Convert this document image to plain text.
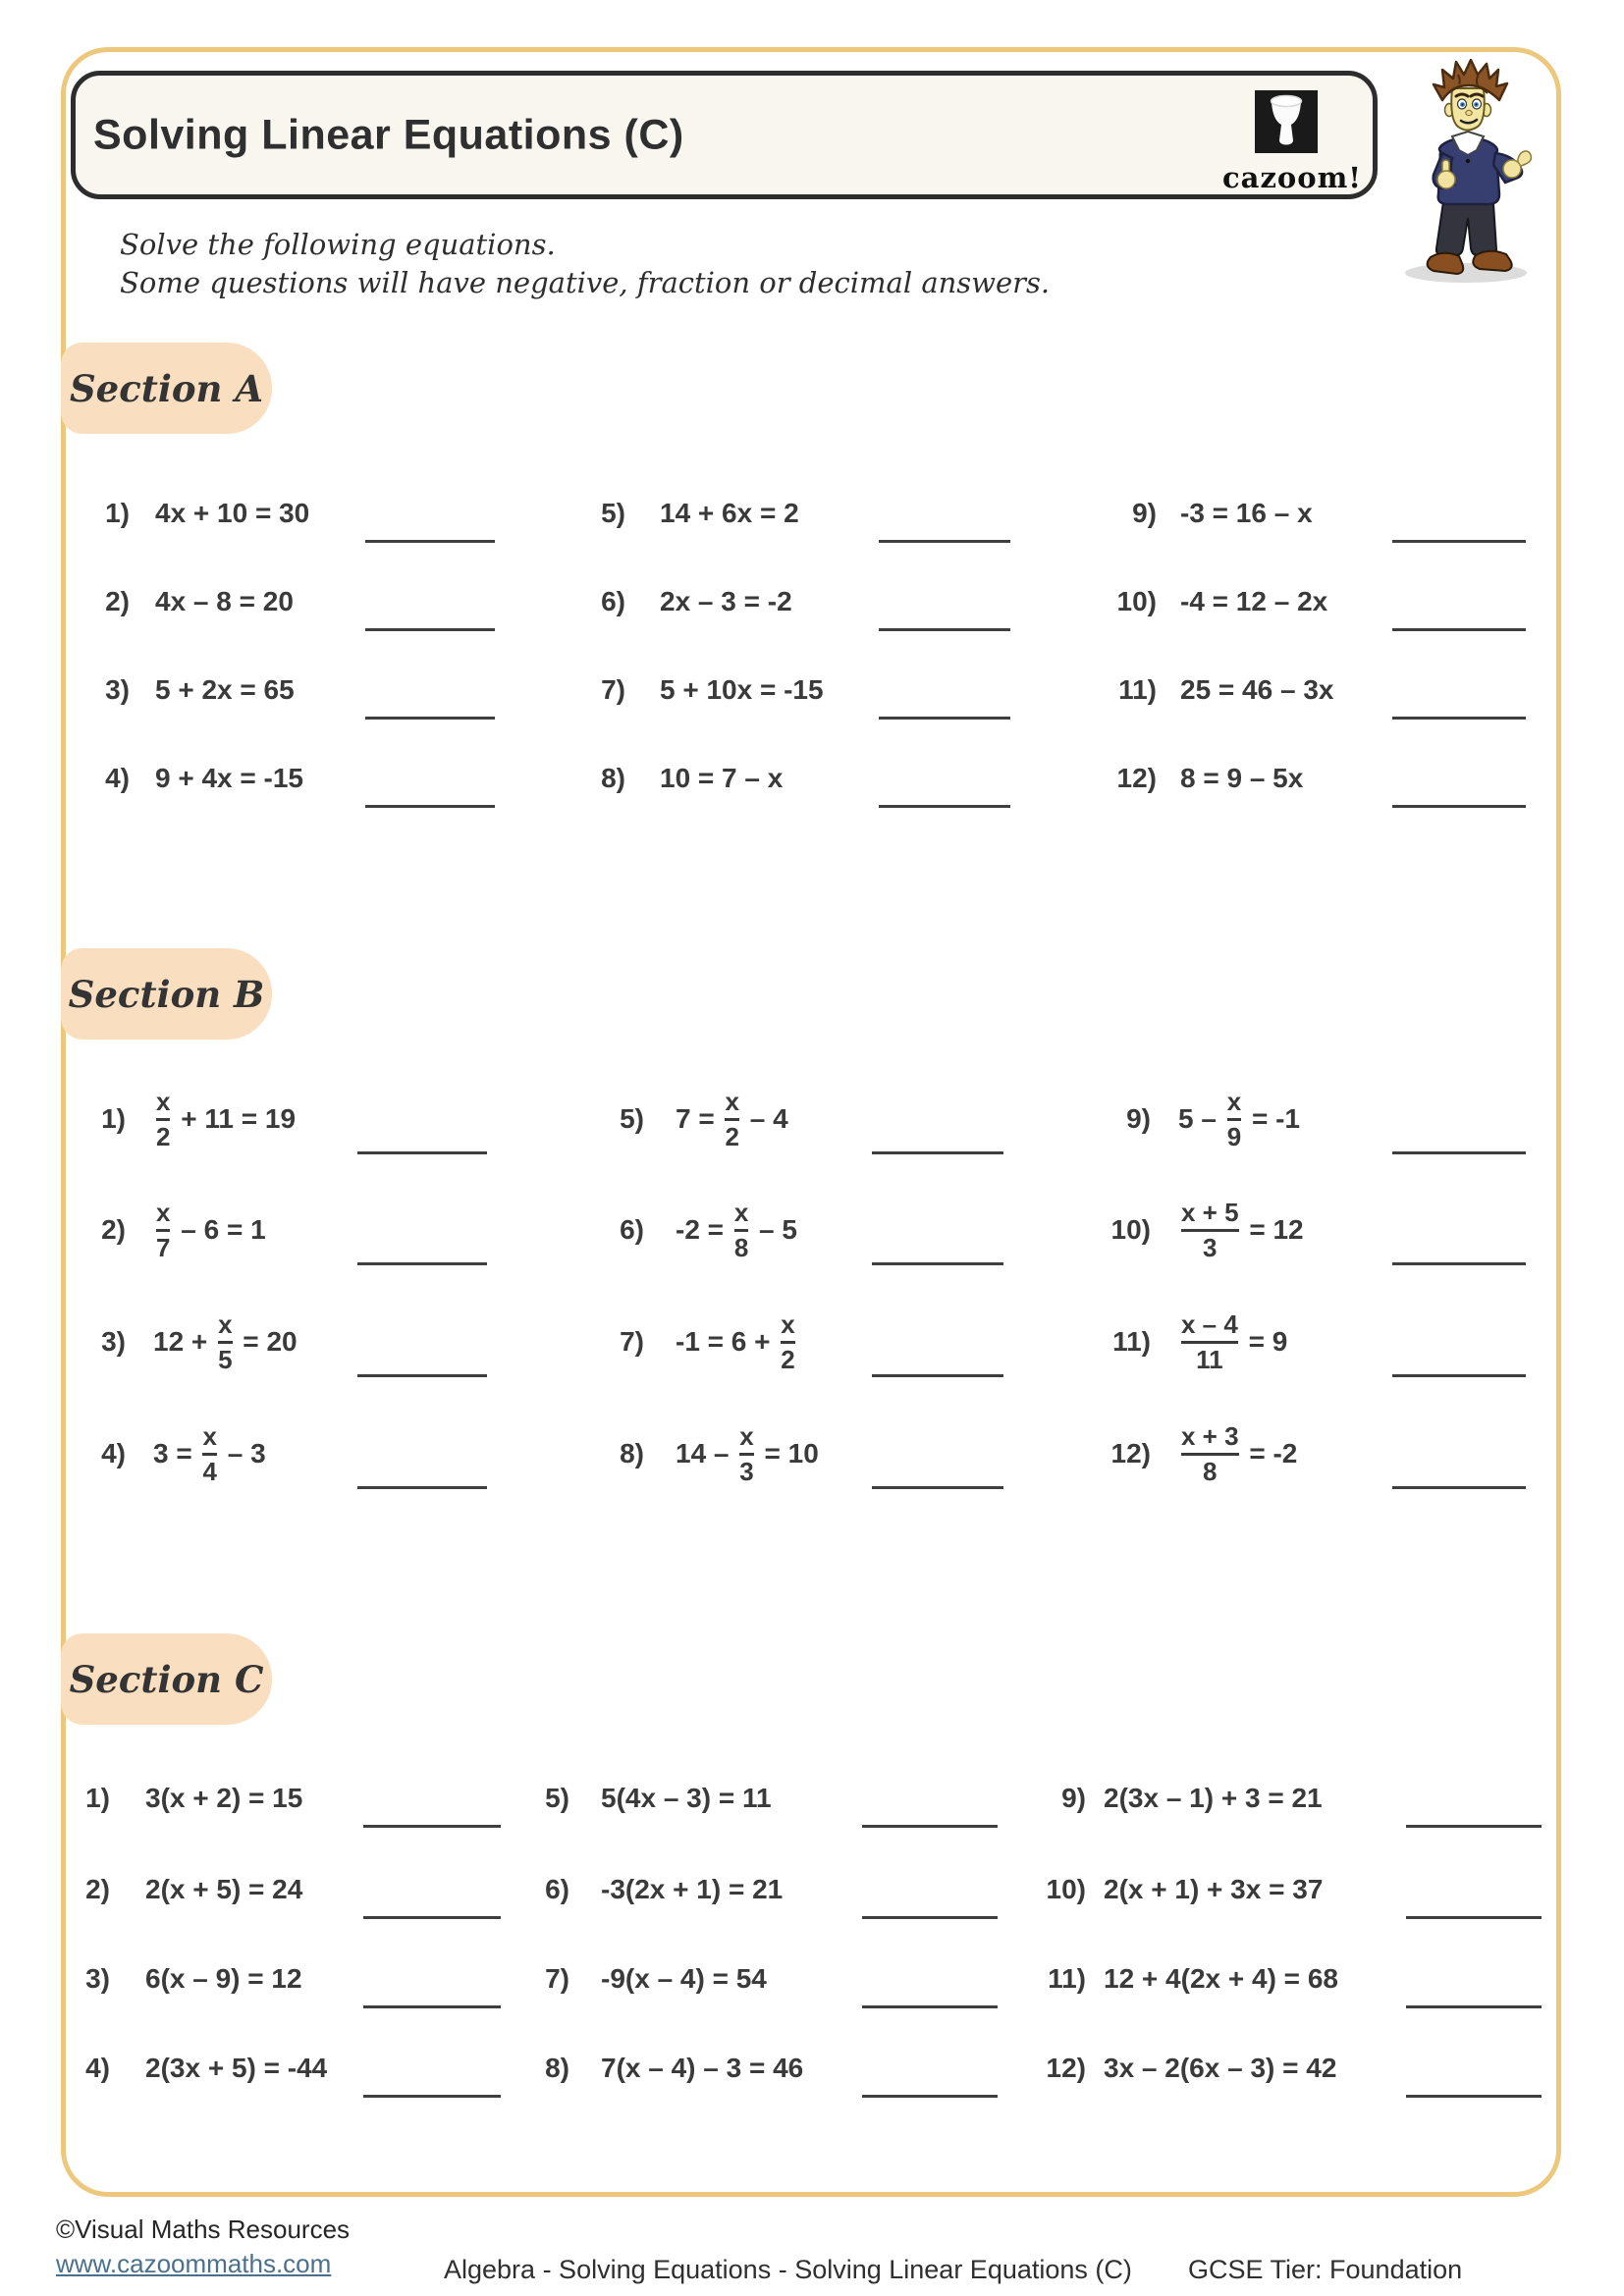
Solving Linear Equations (C)
cazoom!
Solve the following equations.
Some questions will have negative, fraction or decimal answers.
Section A
Section B
Section C
1) 4x + 10 = 30
2) 4x – 8 = 20
3) 5 + 2x = 65
4) 9 + 4x = -15
5) 14 + 6x = 2
6) 2x – 3 = -2
7) 5 + 10x = -15
8) 10 = 7 – x
9) -3 = 16 – x
10) -4 = 12 – 2x
11) 25 = 46 – 3x
12) 8 = 9 – 5x
$1) \frac{x}{2} + 11 = 19$
$2) \frac{x}{7} - 6 = 1$
3) $12 + \frac{x}{5} = 20$
4) $3 = \frac{x}{4} - 3$
5) $7 = \frac{x}{2} - 4$
6) $-2 = \frac{x}{8} - 5$
7) $-1 = 6 + \frac{x}{2}$
8) $14 - \frac{x}{3} = 10$
9) $5 - \frac{x}{9} = -1$
$10) \frac{x + 5}{3} = 12$
$11) \frac{x - 4}{11} = 9$
$12) \frac{x + 3}{8} = -2$
1) 3(x + 2) = 15
2) 2(x + 5) = 24
3) 6(x – 9) = 12
4) 2(3x + 5) = -44
5) 5(4x – 3) = 11
6) -3(2x + 1) = 21
7) -9(x – 4) = 54
8) 7(x – 4) – 3 = 46
9) 2(3x – 1) + 3 = 21
10) 2(x + 1) + 3x = 37
11) 12 + 4(2x + 4) = 68
12) 3x – 2(6x – 3) = 42
©Visual Maths Resources
www.cazoommaths.com	Algebra - Solving Equations - Solving Linear Equations (C) GCSE Tier: Foundation
